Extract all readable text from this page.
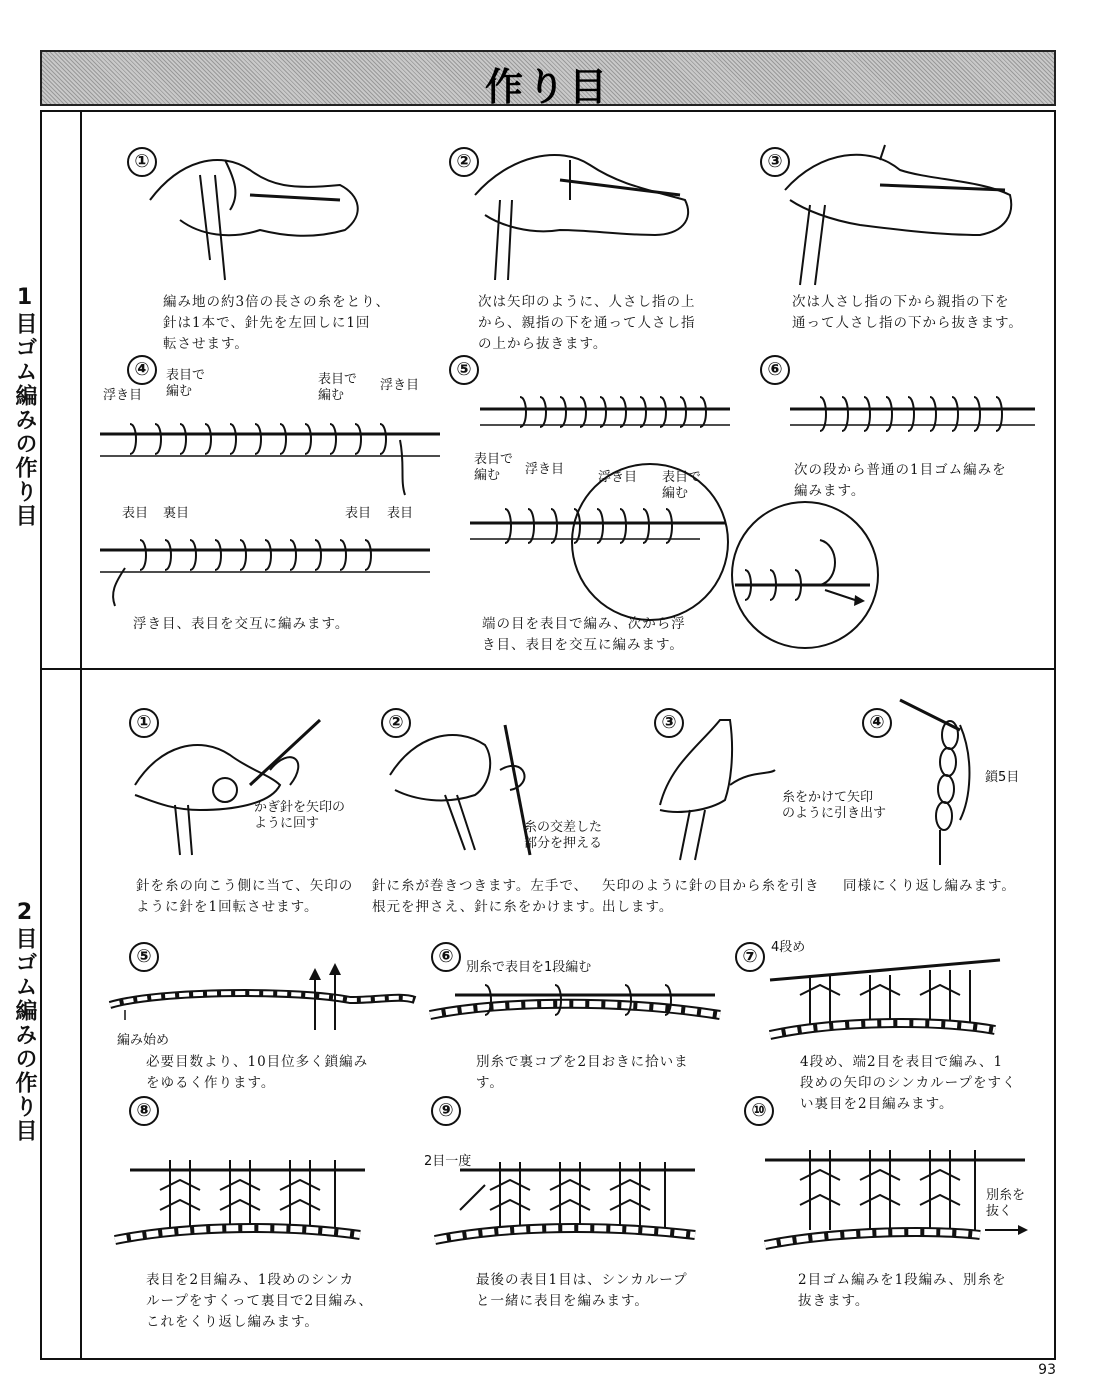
作り目
1目ゴム編みの作り目
2目ゴム編みの作り目
①
編み地の約3倍の長さの糸をとり、
針は1本で、針先を左回しに1回
転させます。
②
次は矢印のように、人さし指の上
から、親指の下を通って人さし指
の上から抜きます。
③
次は人さし指の下から親指の下を
通って人さし指の下から抜きます。
④
浮き目
表目で
編む
表目で
編む
浮き目
表目 裏目	表目 表目
浮き目、表目を交互に編みます。
⑤
表目で
編む	浮き目
浮き目 表目で
編む
端の目を表目で編み、次から浮
き目、表目を交互に編みます。
⑥
次の段から普通の1目ゴム編みを
編みます。
①
かぎ針を矢印の
ように回す
針を糸の向こう側に当て、矢印の
ように針を1回転させます。
②
糸の交差した
部分を押える
針に糸が巻きつきます。左手で、
根元を押さえ、針に糸をかけます。
③
糸をかけて矢印
のように引き出す
矢印のように針の目から糸を引き
出します。
④
鎖5目
同様にくり返し編みます。
⑤
編み始め
必要目数より、10目位多く鎖編み
をゆるく作ります。
⑥
別糸で表目を1段編む
別糸で裏コブを2目おきに拾いま
す。
⑦	4段め
4段め、端2目を表目で編み、1
段めの矢印のシンカループをすく
い裏目を2目編みます。
⑧
表目を2目編み、1段めのシンカ
ループをすくって裏目で2目編み、
これをくり返し編みます。
⑨
2目一度
最後の表目1目は、シンカループ
と一緒に表目を編みます。
⑩
別糸を
抜く
2目ゴム編みを1段編み、別糸を
抜きます。
93
